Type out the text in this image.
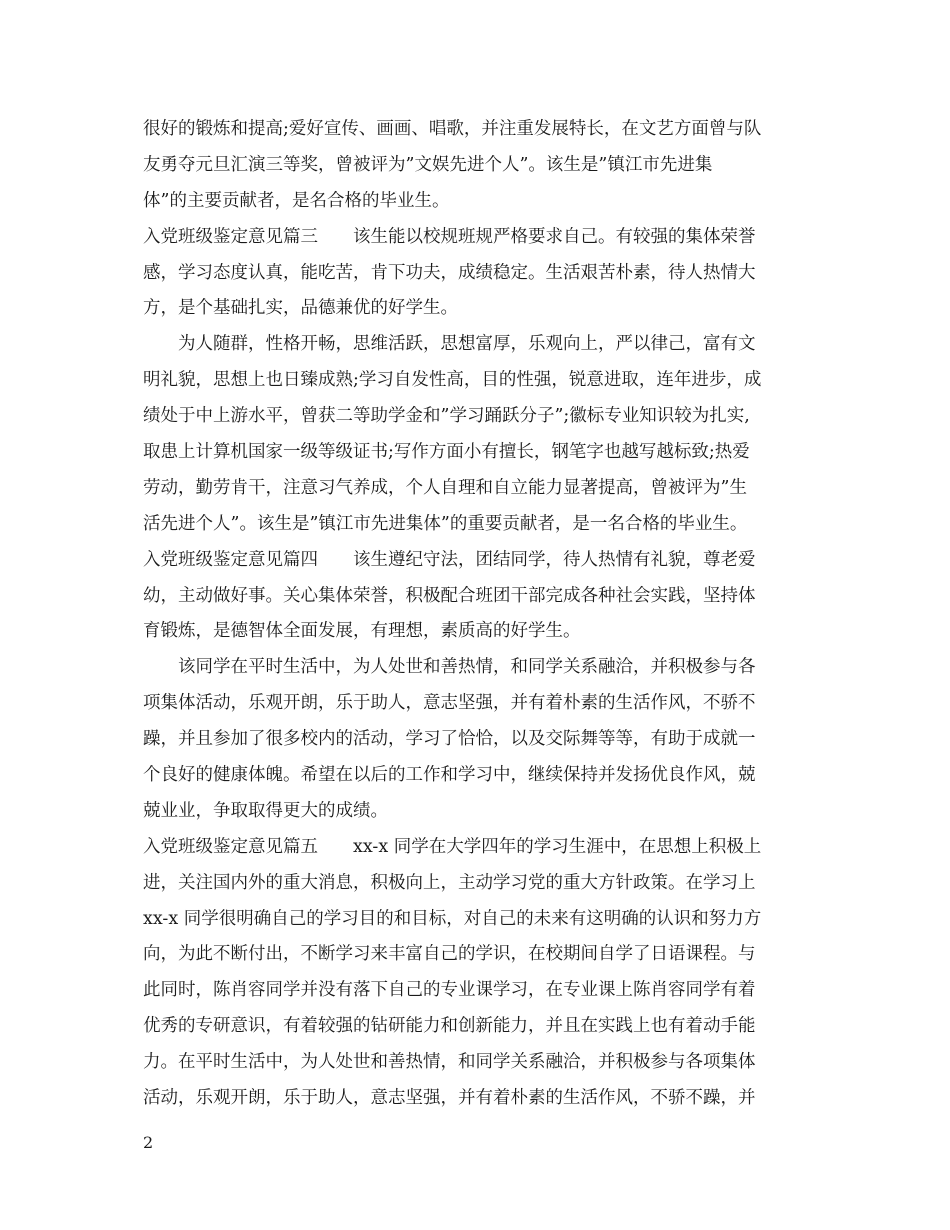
很好的锻炼和提高;爱好宣传、画画、唱歌，并注重发展特长，在文艺方面曾与队
友勇夺元旦汇演三等奖，曾被评为”文娱先进个人”。该生是”镇江市先进集
体”的主要贡献者，是名合格的毕业生。
入党班级鉴定意见篇三　　该生能以校规班规严格要求自己。有较强的集体荣誉
感，学习态度认真，能吃苦，肯下功夫，成绩稳定。生活艰苦朴素，待人热情大
方，是个基础扎实，品德兼优的好学生。
为人随群，性格开畅，思维活跃，思想富厚，乐观向上，严以律己，富有文
明礼貌，思想上也日臻成熟;学习自发性高，目的性强，锐意进取，连年进步，成
绩处于中上游水平，曾获二等助学金和”学习踊跃分子”;徽标专业知识较为扎实,
取患上计算机国家一级等级证书;写作方面小有擅长，钢笔字也越写越标致;热爱
劳动，勤劳肯干，注意习气养成，个人自理和自立能力显著提高，曾被评为”生
活先进个人”。该生是”镇江市先进集体”的重要贡献者，是一名合格的毕业生。
入党班级鉴定意见篇四　　该生遵纪守法，团结同学，待人热情有礼貌，尊老爱
幼，主动做好事。关心集体荣誉，积极配合班团干部完成各种社会实践，坚持体
育锻炼，是德智体全面发展，有理想，素质高的好学生。
该同学在平时生活中，为人处世和善热情，和同学关系融洽，并积极参与各
项集体活动，乐观开朗，乐于助人，意志坚强，并有着朴素的生活作风，不骄不
躁，并且参加了很多校内的活动，学习了恰恰，以及交际舞等等，有助于成就一
个良好的健康体魄。希望在以后的工作和学习中，继续保持并发扬优良作风，兢
兢业业，争取取得更大的成绩。
入党班级鉴定意见篇五　　xx-x 同学在大学四年的学习生涯中，在思想上积极上
进，关注国内外的重大消息，积极向上，主动学习党的重大方针政策。在学习上
xx-x 同学很明确自己的学习目的和目标，对自己的未来有这明确的认识和努力方
向，为此不断付出，不断学习来丰富自己的学识，在校期间自学了日语课程。与
此同时，陈肖容同学并没有落下自己的专业课学习，在专业课上陈肖容同学有着
优秀的专研意识，有着较强的钻研能力和创新能力，并且在实践上也有着动手能
力。在平时生活中，为人处世和善热情，和同学关系融洽，并积极参与各项集体
活动，乐观开朗，乐于助人，意志坚强，并有着朴素的生活作风，不骄不躁，并
2
